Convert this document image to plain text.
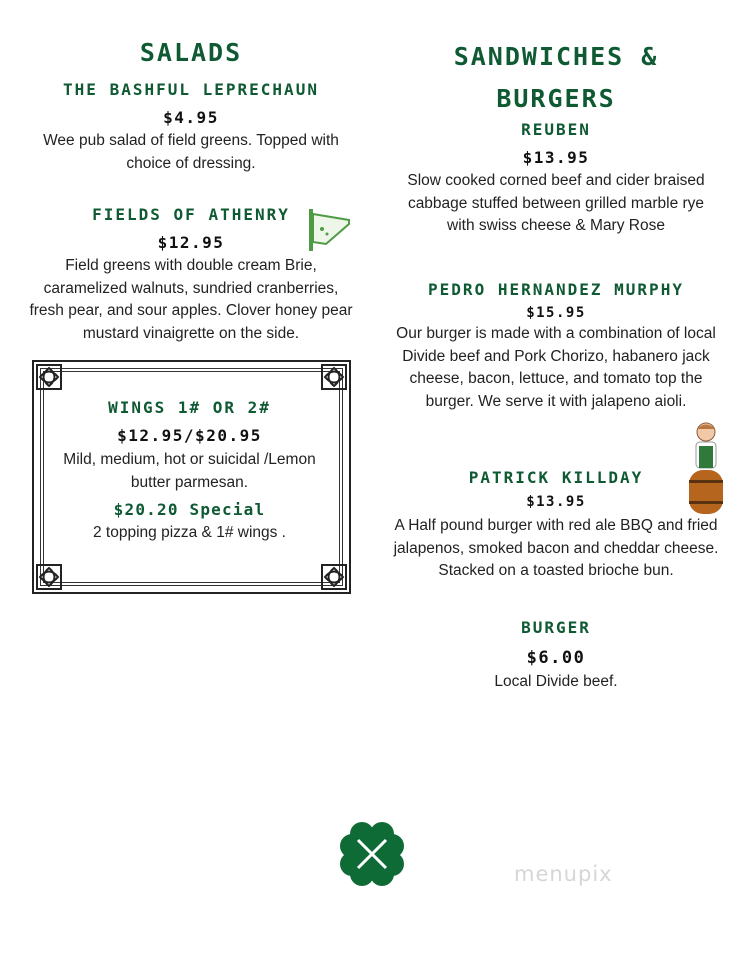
SALADS
THE BASHFUL LEPRECHAUN
$4.95
Wee pub salad of field greens. Topped with
choice of dressing.
FIELDS OF ATHENRY
$12.95
Field greens with double cream Brie,
caramelized walnuts, sundried cranberries,
fresh pear, and sour apples. Clover honey pear
mustard vinaigrette on the side.
WINGS 1# OR 2#
$12.95/$20.95
Mild, medium, hot or suicidal /Lemon
butter parmesan.
$20.20 Special
2 topping pizza & 1# wings .
SANDWICHES &
BURGERS
REUBEN
$13.95
Slow cooked corned beef and cider braised
cabbage stuffed between grilled marble rye
with swiss cheese & Mary Rose
PEDRO HERNANDEZ MURPHY
$15.95
Our burger is made with a combination of local
Divide beef and Pork Chorizo, habanero jack
cheese, bacon, lettuce, and tomato top the
burger. We serve it with jalapeno aioli.
PATRICK KILLDAY
$13.95
A Half pound burger with red ale BBQ and fried
jalapenos, smoked bacon and cheddar cheese.
Stacked on a toasted brioche bun.
BURGER
$6.00
Local Divide beef.
menupix
